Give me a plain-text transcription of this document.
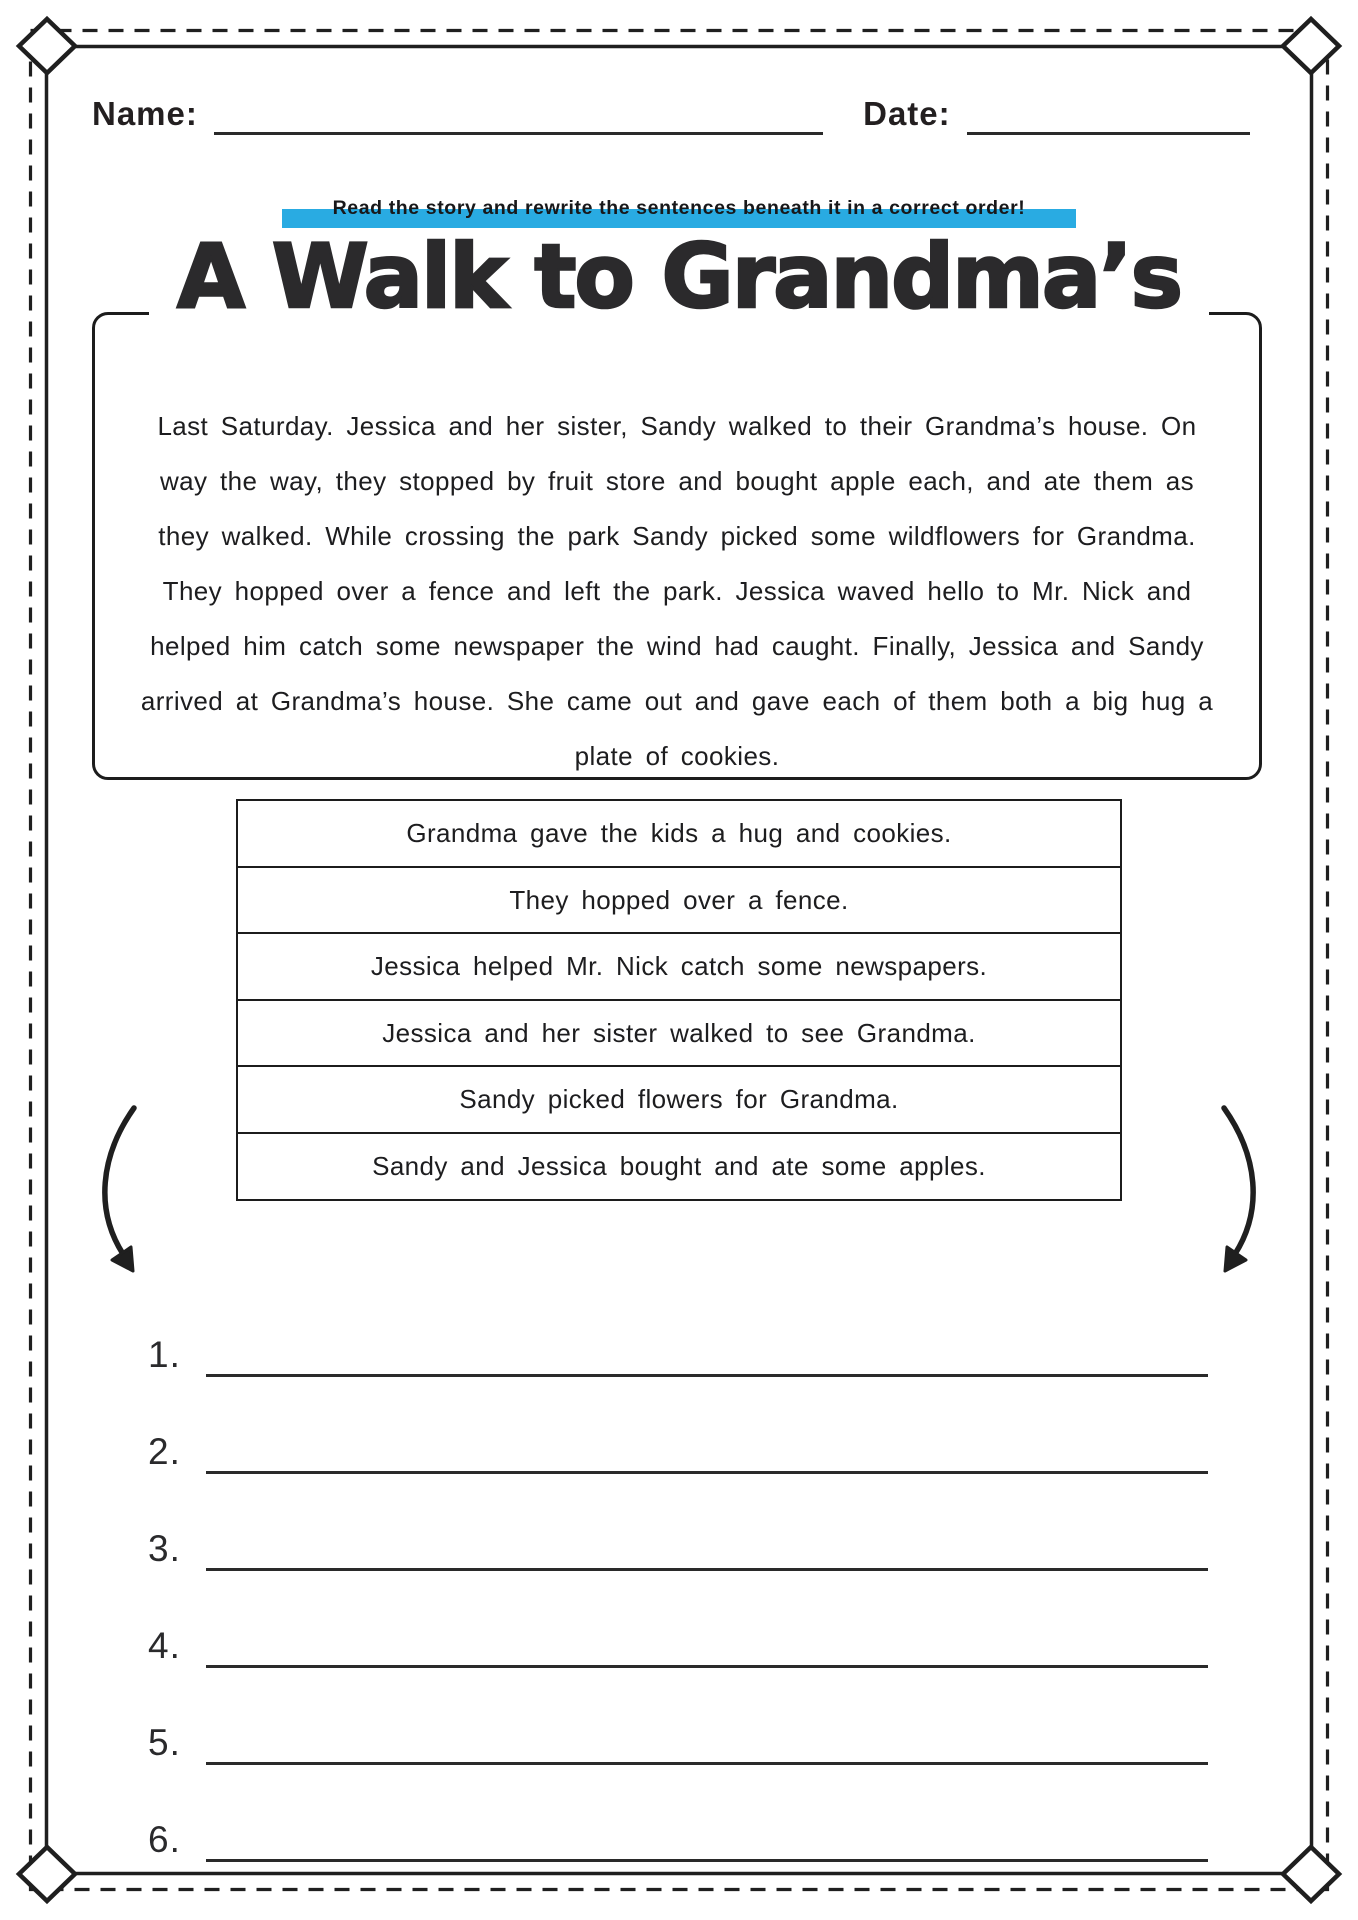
Name:	Date:
Read the story and rewrite the sentences beneath it in a correct order!
A Walk to Grandma’s

Last Saturday. Jessica and her sister, Sandy walked to their Grandma’s house. On

way the way, they stopped by fruit store and bought apple each, and ate them as

they walked. While crossing the park Sandy picked some wildflowers for Grandma.

They hopped over a fence and left the park. Jessica waved hello to Mr. Nick and

helped him catch some newspaper the wind had caught. Finally, Jessica and Sandy

arrived at Grandma’s house. She came out and gave each of them both a big hug a

plate of cookies.

Grandma gave the kids a hug and cookies.
They hopped over a fence.
Jessica helped Mr. Nick catch some newspapers.
Jessica and her sister walked to see Grandma.
Sandy picked flowers for Grandma.
Sandy and Jessica bought and ate some apples.
1.
2.
3.
4.
5.
6.
